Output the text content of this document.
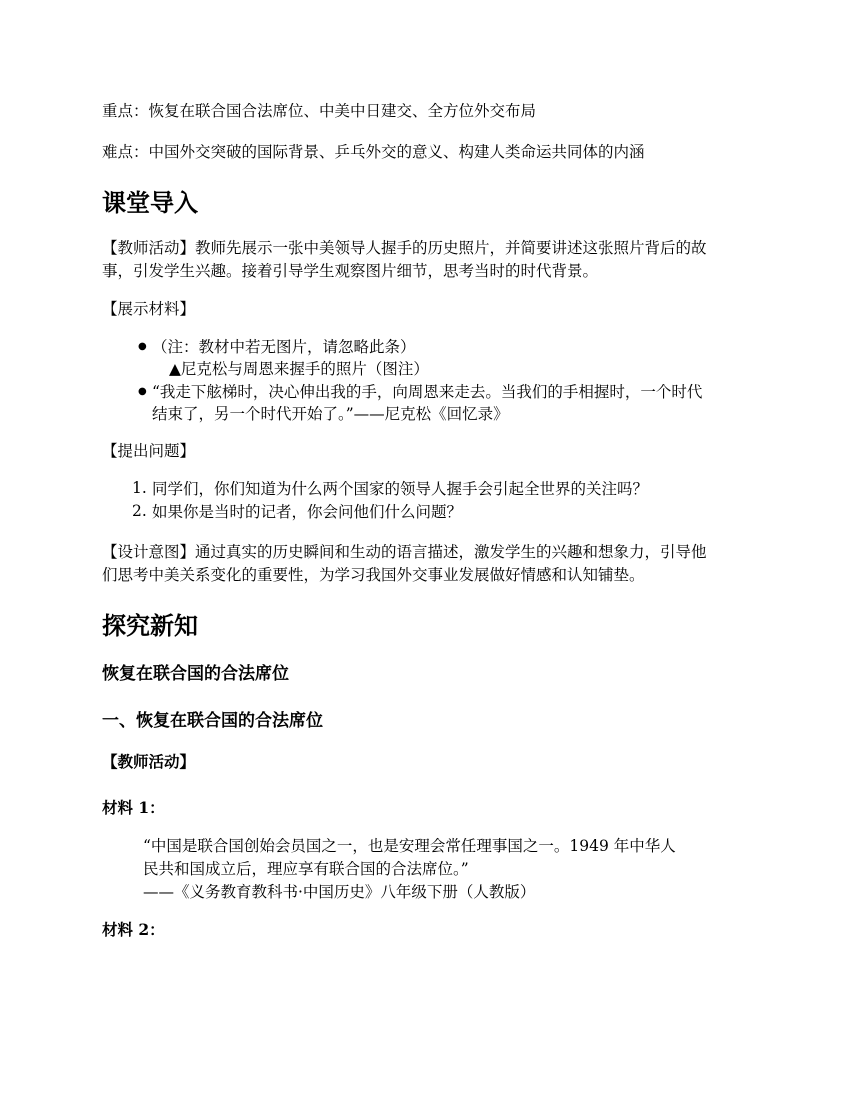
重点：恢复在联合国合法席位、中美中日建交、全方位外交布局
难点：中国外交突破的国际背景、乒乓外交的意义、构建人类命运共同体的内涵
课堂导入
【教师活动】教师先展示一张中美领导人握手的历史照片，并简要讲述这张照片背后的故
事，引发学生兴趣。接着引导学生观察图片细节，思考当时的时代背景。
【展示材料】
● （注：教材中若无图片，请忽略此条）
▲尼克松与周恩来握手的照片（图注）
● “我走下舷梯时，决心伸出我的手，向周恩来走去。当我们的手相握时，一个时代
结束了，另一个时代开始了。”——尼克松《回忆录》
【提出问题】
1. 同学们，你们知道为什么两个国家的领导人握手会引起全世界的关注吗？
2. 如果你是当时的记者，你会问他们什么问题？
【设计意图】通过真实的历史瞬间和生动的语言描述，激发学生的兴趣和想象力，引导他
们思考中美关系变化的重要性，为学习我国外交事业发展做好情感和认知铺垫。
探究新知
恢复在联合国的合法席位
一、恢复在联合国的合法席位
【教师活动】
材料 1：
“中国是联合国创始会员国之一，也是安理会常任理事国之一。1949 年中华人
民共和国成立后，理应享有联合国的合法席位。”
——《义务教育教科书·中国历史》八年级下册（人教版）
材料 2：
